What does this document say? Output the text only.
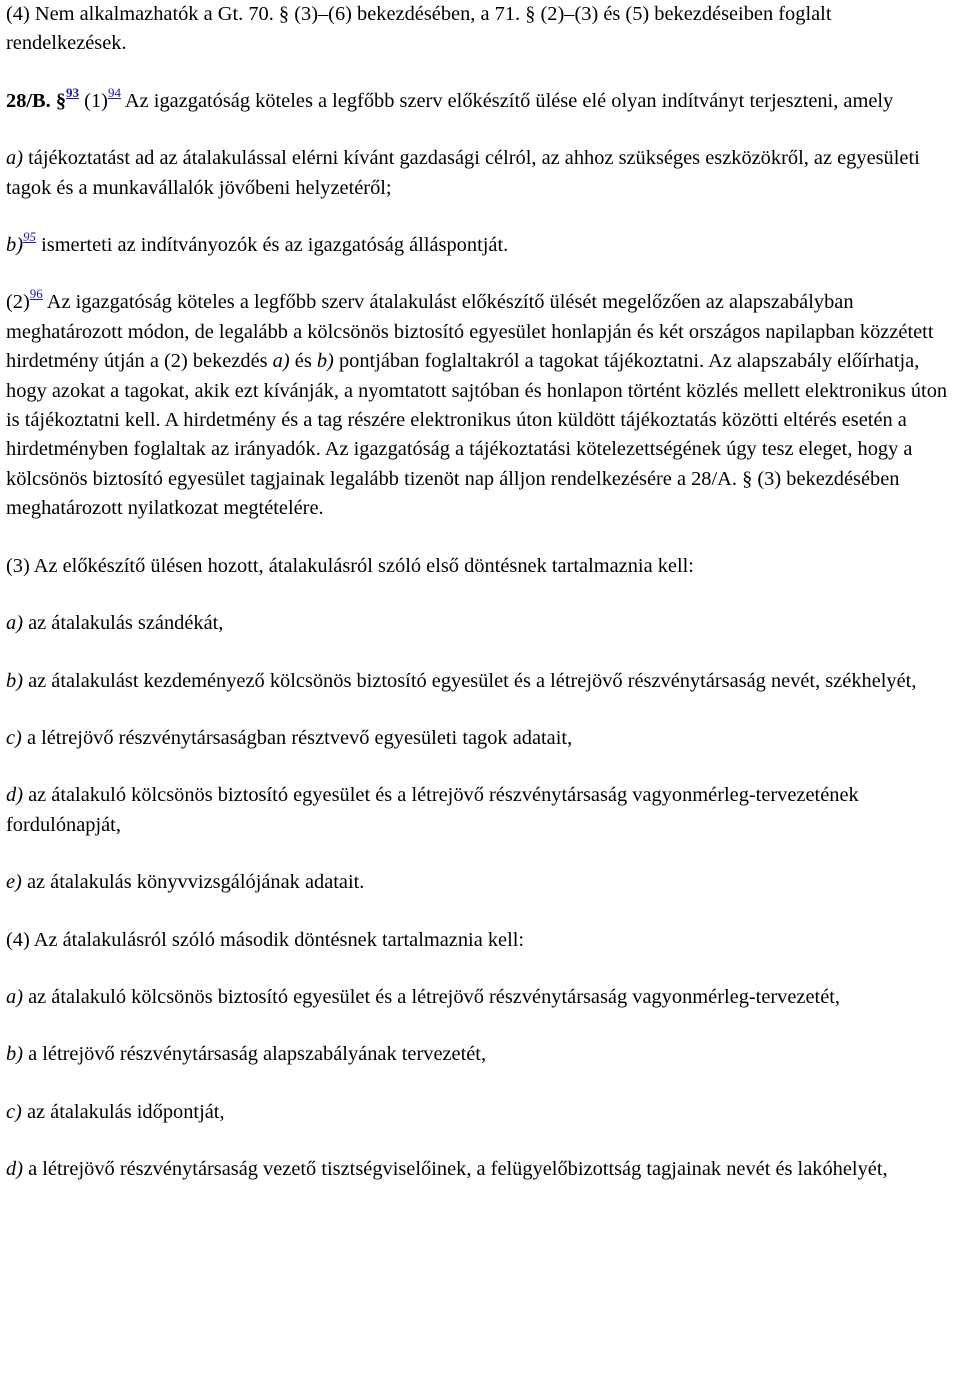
(4) Nem alkalmazhatók a Gt. 70. § (3)–(6) bekezdésében, a 71. § (2)–(3) és (5) bekezdéseiben foglalt rendelkezések.

28/B. §$^{93}$ (1)$^{94}$ Az igazgatóság köteles a legfőbb szerv előkészítő ülése elé olyan indítványt terjeszteni, amely

a) tájékoztatást ad az átalakulással elérni kívánt gazdasági célról, az ahhoz szükséges eszközökről, az egyesületi tagok és a munkavállalók jövőbeni helyzetéről;

b)$^{95}$ ismerteti az indítványozók és az igazgatóság álláspontját.

(2)$^{96}$ Az igazgatóság köteles a legfőbb szerv átalakulást előkészítő ülését megelőzően az alapszabályban meghatározott módon, de legalább a kölcsönös biztosító egyesület honlapján és két országos napilapban közzétett hirdetmény útján a (2) bekezdés a) és b) pontjában foglaltakról a tagokat tájékoztatni. Az alapszabály előírhatja, hogy azokat a tagokat, akik ezt kívánják, a nyomtatott sajtóban és honlapon történt közlés mellett elektronikus úton is tájékoztatni kell. A hirdetmény és a tag részére elektronikus úton küldött tájékoztatás közötti eltérés esetén a hirdetményben foglaltak az irányadók. Az igazgatóság a tájékoztatási kötelezettségének úgy tesz eleget, hogy a kölcsönös biztosító egyesület tagjainak legalább tizenöt nap álljon rendelkezésére a 28/A. § (3) bekezdésében meghatározott nyilatkozat megtételére.

(3) Az előkészítő ülésen hozott, átalakulásról szóló első döntésnek tartalmaznia kell:

a) az átalakulás szándékát,

b) az átalakulást kezdeményező kölcsönös biztosító egyesület és a létrejövő részvénytársaság nevét, székhelyét,

c) a létrejövő részvénytársaságban résztvevő egyesületi tagok adatait,

d) az átalakuló kölcsönös biztosító egyesület és a létrejövő részvénytársaság vagyonmérleg-tervezetének fordulónapját,

e) az átalakulás könyvvizsgálójának adatait.

(4) Az átalakulásról szóló második döntésnek tartalmaznia kell:

a) az átalakuló kölcsönös biztosító egyesület és a létrejövő részvénytársaság vagyonmérleg-tervezetét,

b) a létrejövő részvénytársaság alapszabályának tervezetét,

c) az átalakulás időpontját,

d) a létrejövő részvénytársaság vezető tisztségviselőinek, a felügyelőbizottság tagjainak nevét és lakóhelyét,
